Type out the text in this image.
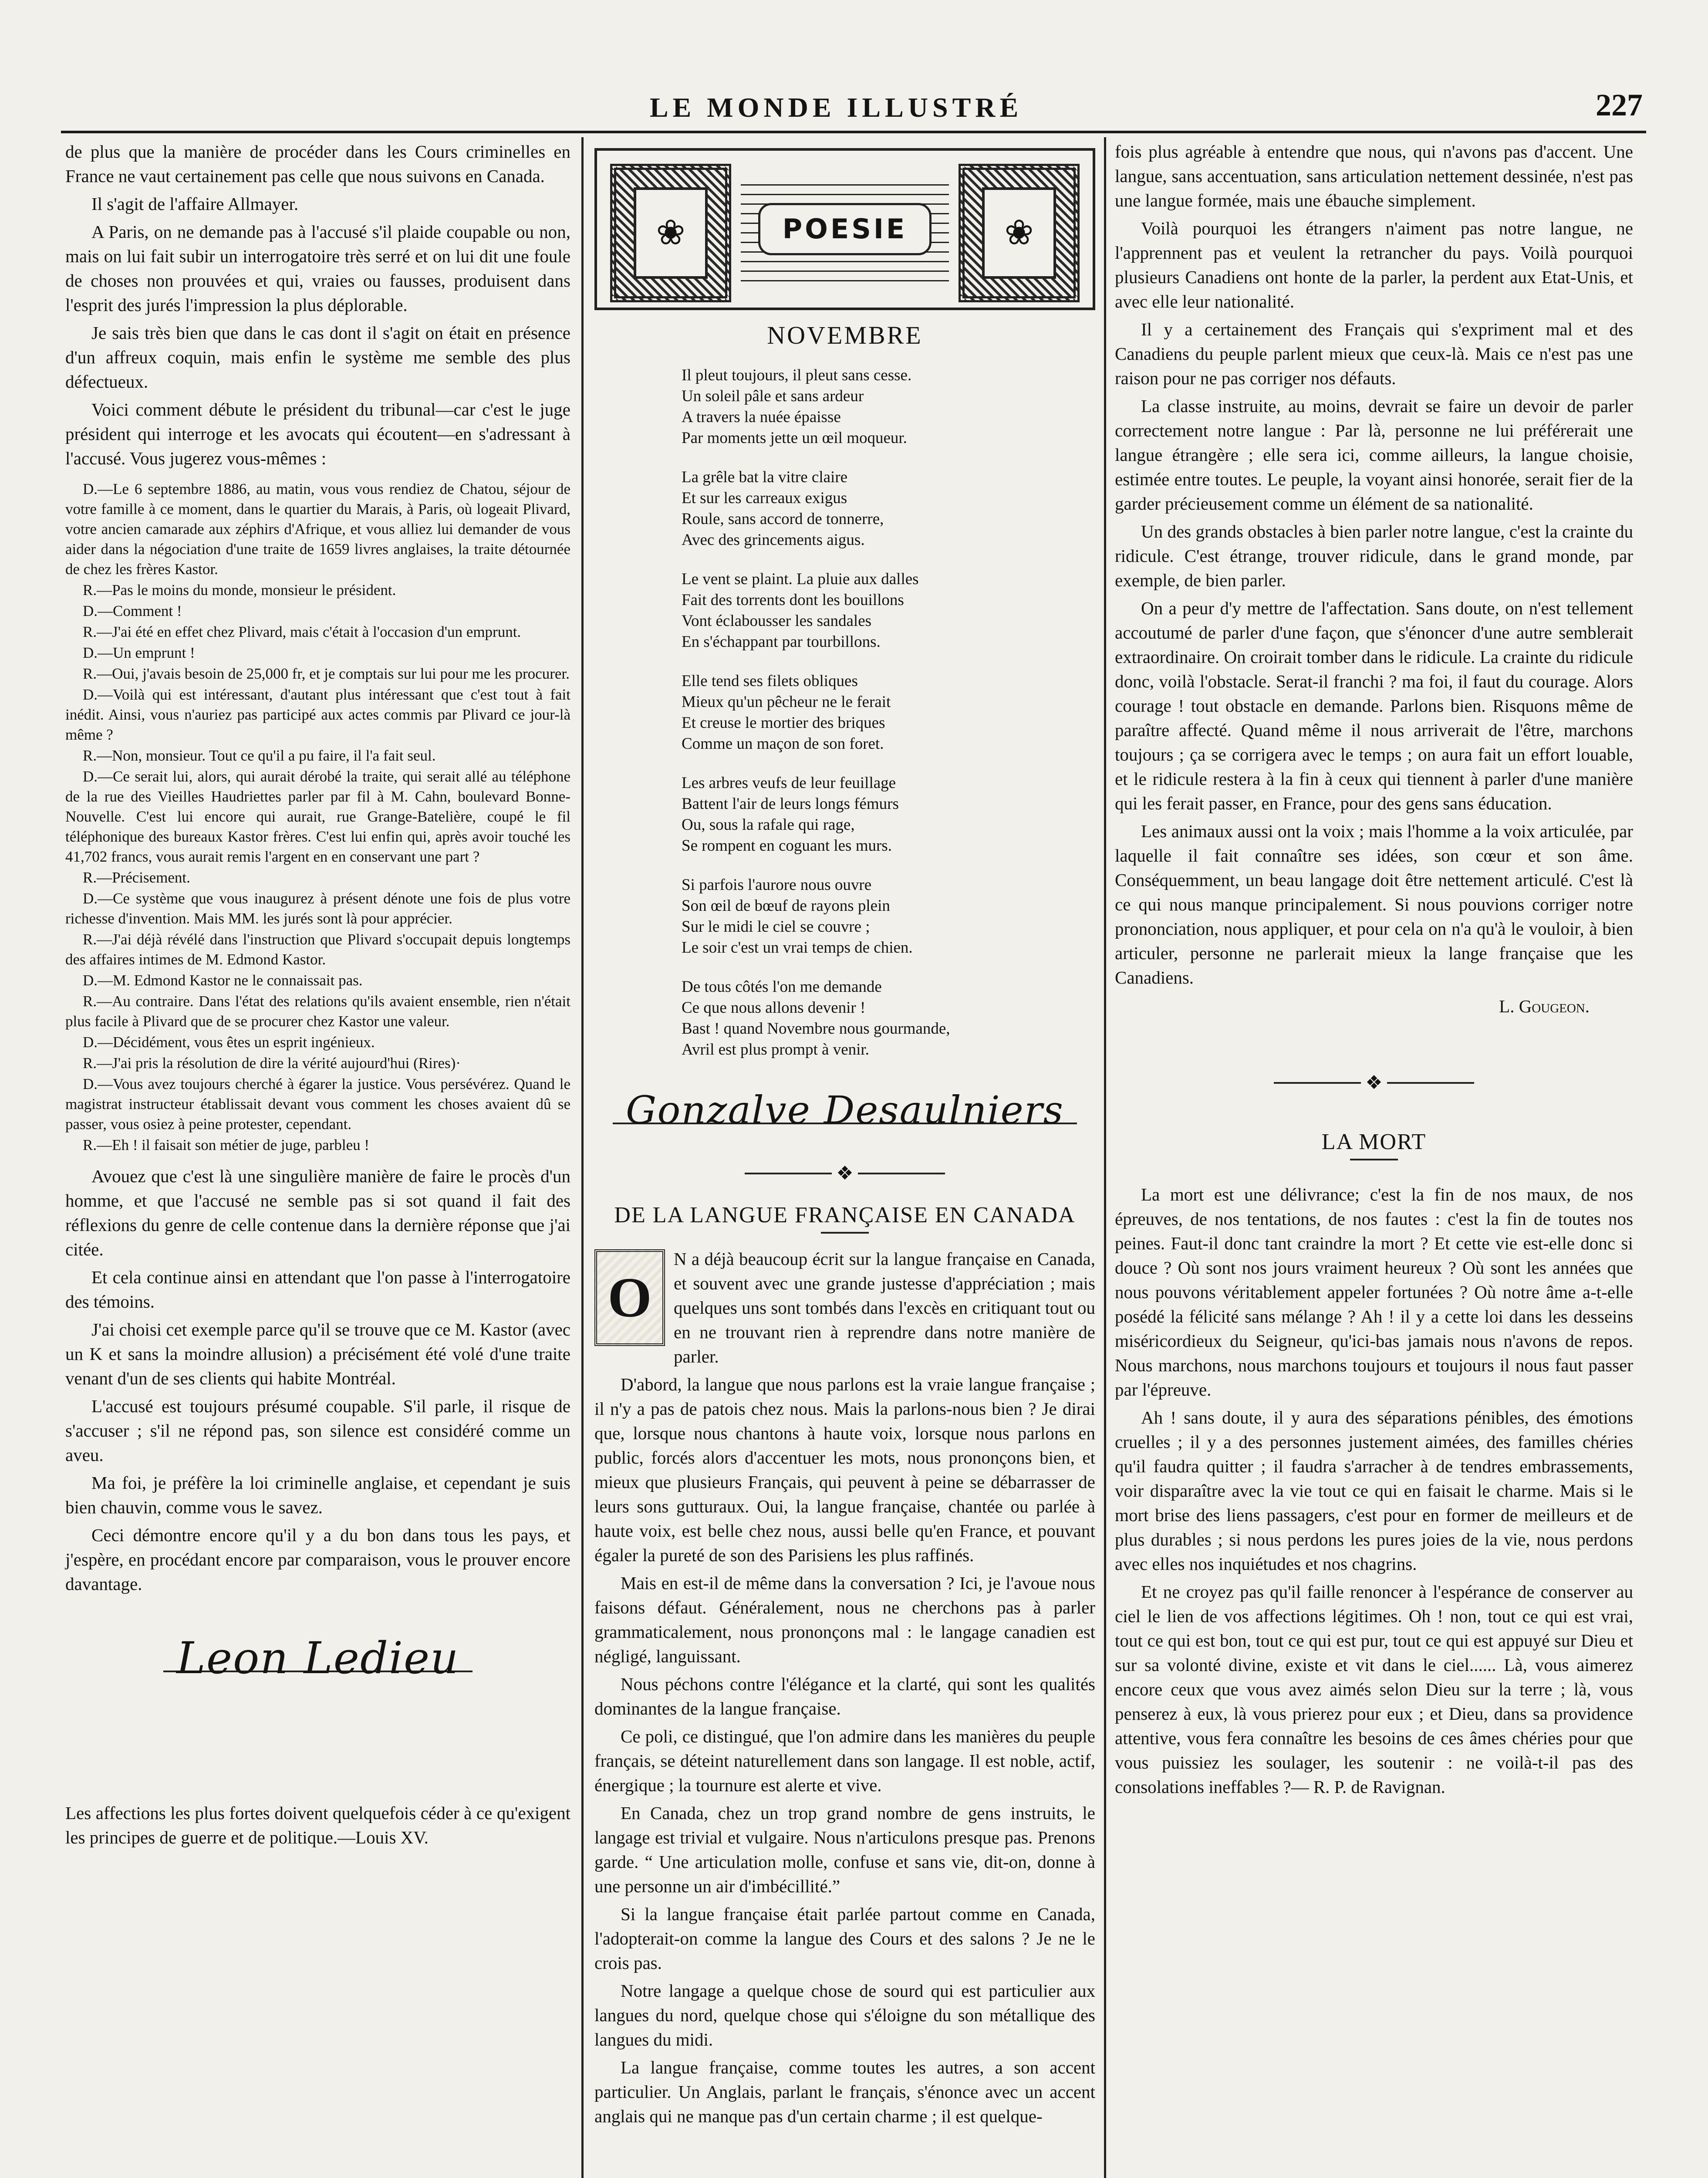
LE MONDE ILLUSTRÉ	227

de plus que la manière de procéder dans les Cours criminelles en France ne vaut certainement pas celle que nous suivons en Canada.

Il s'agit de l'affaire Allmayer.

A Paris, on ne demande pas à l'accusé s'il plaide coupable ou non, mais on lui fait subir un interrogatoire très serré et on lui dit une foule de choses non prouvées et qui, vraies ou fausses, produisent dans l'esprit des jurés l'impression la plus déplorable.

Je sais très bien que dans le cas dont il s'agit on était en présence d'un affreux coquin, mais enfin le système me semble des plus défectueux.

Voici comment débute le président du tribunal—car c'est le juge président qui interroge et les avocats qui écoutent—en s'adressant à l'accusé. Vous jugerez vous-mêmes :

D.—Le 6 septembre 1886, au matin, vous vous rendiez de Chatou, séjour de votre famille à ce moment, dans le quartier du Marais, à Paris, où logeait Plivard, votre ancien camarade aux zéphirs d'Afrique, et vous alliez lui demander de vous aider dans la négociation d'une traite de 1659 livres anglaises, la traite détournée de chez les frères Kastor.

R.—Pas le moins du monde, monsieur le président.

D.—Comment !

R.—J'ai été en effet chez Plivard, mais c'était à l'occasion d'un emprunt.

D.—Un emprunt !

R.—Oui, j'avais besoin de 25,000 fr, et je comptais sur lui pour me les procurer.

D.—Voilà qui est intéressant, d'autant plus intéressant que c'est tout à fait inédit. Ainsi, vous n'auriez pas participé aux actes commis par Plivard ce jour-là même ?

R.—Non, monsieur. Tout ce qu'il a pu faire, il l'a fait seul.

D.—Ce serait lui, alors, qui aurait dérobé la traite, qui serait allé au téléphone de la rue des Vieilles Haudriettes parler par fil à M. Cahn, boulevard Bonne-Nouvelle. C'est lui encore qui aurait, rue Grange-Batelière, coupé le fil téléphonique des bureaux Kastor frères. C'est lui enfin qui, après avoir touché les 41,702 francs, vous aurait remis l'argent en en conservant une part ?

R.—Précisement.

D.—Ce système que vous inaugurez à présent dénote une fois de plus votre richesse d'invention. Mais MM. les jurés sont là pour apprécier.

R.—J'ai déjà révélé dans l'instruction que Plivard s'occupait depuis longtemps des affaires intimes de M. Edmond Kastor.

D.—M. Edmond Kastor ne le connaissait pas.

R.—Au contraire. Dans l'état des relations qu'ils avaient ensemble, rien n'était plus facile à Plivard que de se procurer chez Kastor une valeur.

D.—Décidément, vous êtes un esprit ingénieux.

R.—J'ai pris la résolution de dire la vérité aujourd'hui (Rires)·

D.—Vous avez toujours cherché à égarer la justice. Vous persévérez. Quand le magistrat instructeur établissait devant vous comment les choses avaient dû se passer, vous osiez à peine protester, cependant.

R.—Eh ! il faisait son métier de juge, parbleu !

Avouez que c'est là une singulière manière de faire le procès d'un homme, et que l'accusé ne semble pas si sot quand il fait des réflexions du genre de celle contenue dans la dernière réponse que j'ai citée.

Et cela continue ainsi en attendant que l'on passe à l'interrogatoire des témoins.

J'ai choisi cet exemple parce qu'il se trouve que ce M. Kastor (avec un K et sans la moindre allusion) a précisément été volé d'une traite venant d'un de ses clients qui habite Montréal.

L'accusé est toujours présumé coupable. S'il parle, il risque de s'accuser ; s'il ne répond pas, son silence est considéré comme un aveu.

Ma foi, je préfère la loi criminelle anglaise, et cependant je suis bien chauvin, comme vous le savez.

Ceci démontre encore qu'il y a du bon dans tous les pays, et j'espère, en procédant encore par comparaison, vous le prouver encore davantage.

Leon Ledieu

Les affections les plus fortes doivent quelquefois céder à ce qu'exigent les principes de guerre et de politique.—Louis XV.

❀	POESIE	❀
NOVEMBRE
Il pleut toujours, il pleut sans cesse.
Un soleil pâle et sans ardeur
A travers la nuée épaisse
Par moments jette un œil moqueur.
La grêle bat la vitre claire
Et sur les carreaux exigus
Roule, sans accord de tonnerre,
Avec des grincements aigus.
Le vent se plaint. La pluie aux dalles
Fait des torrents dont les bouillons
Vont éclabousser les sandales
En s'échappant par tourbillons.
Elle tend ses filets obliques
Mieux qu'un pêcheur ne le ferait
Et creuse le mortier des briques
Comme un maçon de son foret.
Les arbres veufs de leur feuillage
Battent l'air de leurs longs fémurs
Ou, sous la rafale qui rage,
Se rompent en coguant les murs.
Si parfois l'aurore nous ouvre
Son œil de bœuf de rayons plein
Sur le midi le ciel se couvre ;
Le soir c'est un vrai temps de chien.
De tous côtés l'on me demande
Ce que nous allons devenir !
Bast ! quand Novembre nous gourmande,
Avril est plus prompt à venir.
Gonzalve Desaulniers
❖
DE LA LANGUE FRANÇAISE EN CANADA
O

N a déjà beaucoup écrit sur la langue française en Canada, et souvent avec une grande justesse d'appréciation ; mais quelques uns sont tombés dans l'excès en critiquant tout ou en ne trouvant rien à reprendre dans notre manière de parler.

D'abord, la langue que nous parlons est la vraie langue française ; il n'y a pas de patois chez nous. Mais la parlons-nous bien ? Je dirai que, lorsque nous chantons à haute voix, lorsque nous parlons en public, forcés alors d'accentuer les mots, nous prononçons bien, et mieux que plusieurs Français, qui peuvent à peine se débarrasser de leurs sons gutturaux. Oui, la langue française, chantée ou parlée à haute voix, est belle chez nous, aussi belle qu'en France, et pouvant égaler la pureté de son des Parisiens les plus raffinés.

Mais en est-il de même dans la conversation ? Ici, je l'avoue nous faisons défaut. Généralement, nous ne cherchons pas à parler grammaticalement, nous prononçons mal : le langage canadien est négligé, languissant.

Nous péchons contre l'élégance et la clarté, qui sont les qualités dominantes de la langue française.

Ce poli, ce distingué, que l'on admire dans les manières du peuple français, se déteint naturellement dans son langage. Il est noble, actif, énergique ; la tournure est alerte et vive.

En Canada, chez un trop grand nombre de gens instruits, le langage est trivial et vulgaire. Nous n'articulons presque pas. Prenons garde. “ Une articulation molle, confuse et sans vie, dit-on, donne à une personne un air d'imbécillité.”

Si la langue française était parlée partout comme en Canada, l'adopterait-on comme la langue des Cours et des salons ? Je ne le crois pas.

Notre langage a quelque chose de sourd qui est particulier aux langues du nord, quelque chose qui s'éloigne du son métallique des langues du midi.

La langue française, comme toutes les autres, a son accent particulier. Un Anglais, parlant le français, s'énonce avec un accent anglais qui ne manque pas d'un certain charme ; il est quelque-

fois plus agréable à entendre que nous, qui n'avons pas d'accent. Une langue, sans accentuation, sans articulation nettement dessinée, n'est pas une langue formée, mais une ébauche simplement.

Voilà pourquoi les étrangers n'aiment pas notre langue, ne l'apprennent pas et veulent la retrancher du pays. Voilà pourquoi plusieurs Canadiens ont honte de la parler, la perdent aux Etat-Unis, et avec elle leur nationalité.

Il y a certainement des Français qui s'expriment mal et des Canadiens du peuple parlent mieux que ceux-là. Mais ce n'est pas une raison pour ne pas corriger nos défauts.

La classe instruite, au moins, devrait se faire un devoir de parler correctement notre langue : Par là, personne ne lui préférerait une langue étrangère ; elle sera ici, comme ailleurs, la langue choisie, estimée entre toutes. Le peuple, la voyant ainsi honorée, serait fier de la garder précieusement comme un élément de sa nationalité.

Un des grands obstacles à bien parler notre langue, c'est la crainte du ridicule. C'est étrange, trouver ridicule, dans le grand monde, par exemple, de bien parler.

On a peur d'y mettre de l'affectation. Sans doute, on n'est tellement accoutumé de parler d'une façon, que s'énoncer d'une autre semblerait extraordinaire. On croirait tomber dans le ridicule. La crainte du ridicule donc, voilà l'obstacle. Serat-il franchi ? ma foi, il faut du courage. Alors courage ! tout obstacle en demande. Parlons bien. Risquons même de paraître affecté. Quand même il nous arriverait de l'être, marchons toujours ; ça se corrigera avec le temps ; on aura fait un effort louable, et le ridicule restera à la fin à ceux qui tiennent à parler d'une manière qui les ferait passer, en France, pour des gens sans éducation.

Les animaux aussi ont la voix ; mais l'homme a la voix articulée, par laquelle il fait connaître ses idées, son cœur et son âme. Conséquemment, un beau langage doit être nettement articulé. C'est là ce qui nous manque principalement. Si nous pouvions corriger notre prononciation, nous appliquer, et pour cela on n'a qu'à le vouloir, à bien articuler, personne ne parlerait mieux la lange française que les Canadiens.

L. Gougeon.

❖
LA MORT

La mort est une délivrance; c'est la fin de nos maux, de nos épreuves, de nos tentations, de nos fautes : c'est la fin de toutes nos peines. Faut-il donc tant craindre la mort ? Et cette vie est-elle donc si douce ? Où sont nos jours vraiment heureux ? Où sont les années que nous pouvons véritablement appeler fortunées ? Où notre âme a-t-elle posédé la félicité sans mélange ? Ah ! il y a cette loi dans les desseins miséricordieux du Seigneur, qu'ici-bas jamais nous n'avons de repos. Nous marchons, nous marchons toujours et toujours il nous faut passer par l'épreuve.

Ah ! sans doute, il y aura des séparations pénibles, des émotions cruelles ; il y a des personnes justement aimées, des familles chéries qu'il faudra quitter ; il faudra s'arracher à de tendres embrassements, voir disparaître avec la vie tout ce qui en faisait le charme. Mais si le mort brise des liens passagers, c'est pour en former de meilleurs et de plus durables ; si nous perdons les pures joies de la vie, nous perdons avec elles nos inquiétudes et nos chagrins.

Et ne croyez pas qu'il faille renoncer à l'espérance de conserver au ciel le lien de vos affections légitimes. Oh ! non, tout ce qui est vrai, tout ce qui est bon, tout ce qui est pur, tout ce qui est appuyé sur Dieu et sur sa volonté divine, existe et vit dans le ciel...... Là, vous aimerez encore ceux que vous avez aimés selon Dieu sur la terre ; là, vous penserez à eux, là vous prierez pour eux ; et Dieu, dans sa providence attentive, vous fera connaître les besoins de ces âmes chéries pour que vous puissiez les soulager, les soutenir : ne voilà-t-il pas des consolations ineffables ?— R. P. de Ravignan.
